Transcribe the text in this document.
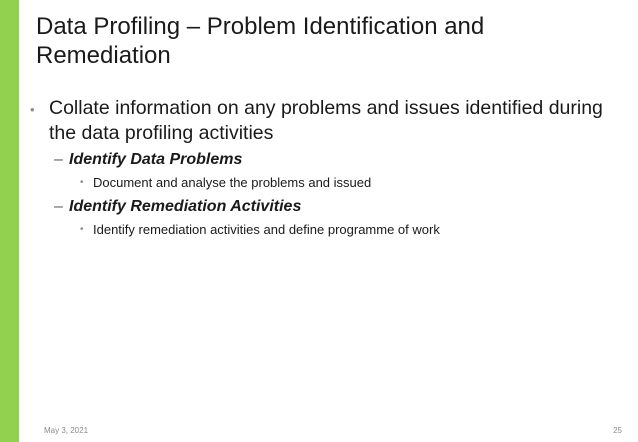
Data Profiling – Problem Identification and Remediation
• Collate information on any problems and issues identified during the data profiling activities
– Identify Data Problems
• Document and analyse the problems and issued
– Identify Remediation Activities
• Identify remediation activities and define programme of work
May 3, 2021	25
